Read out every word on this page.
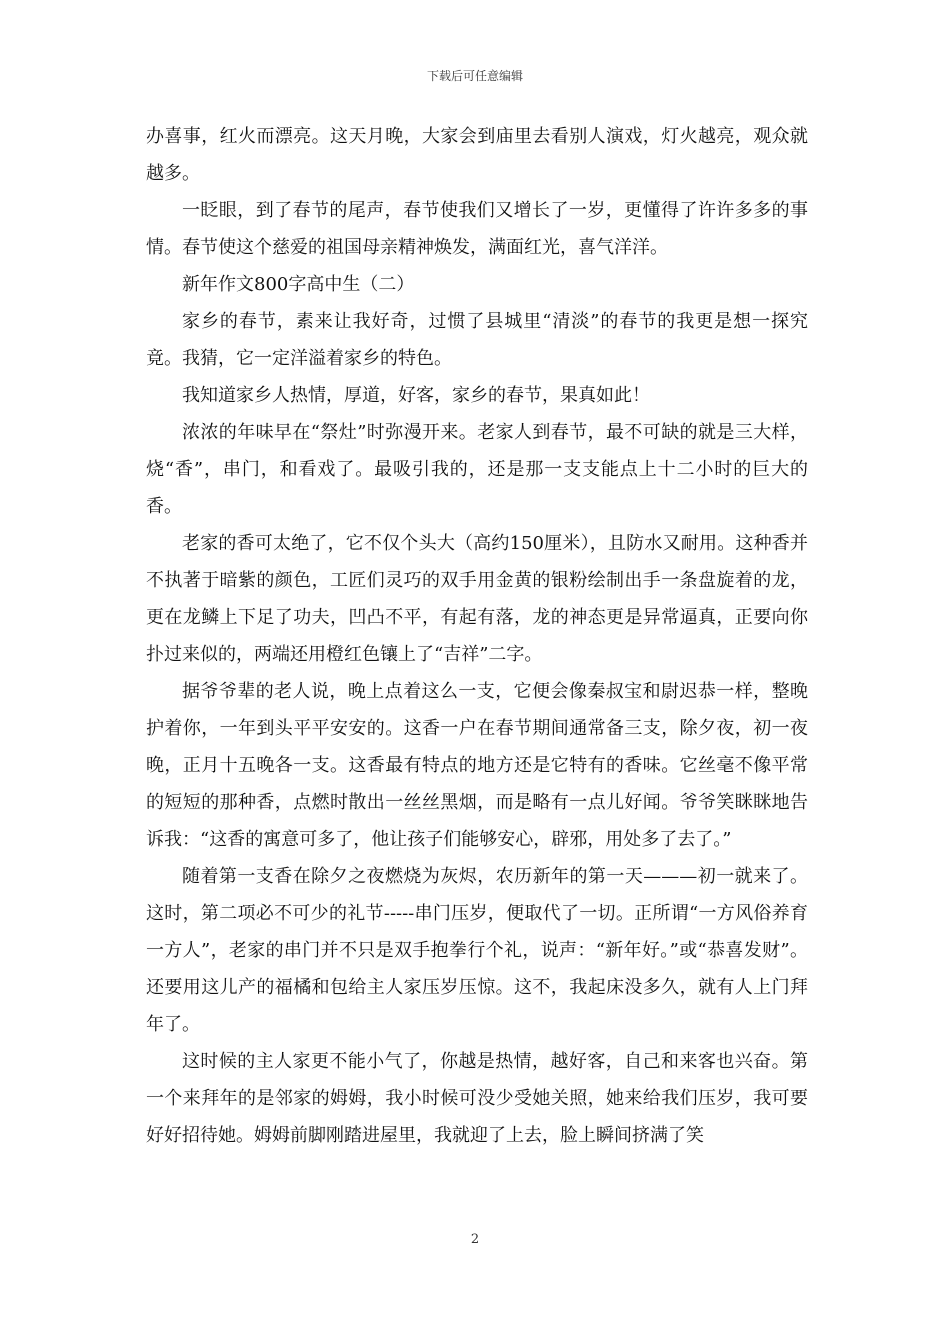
下载后可任意编辑

办喜事，红火而漂亮。这天月晚，大家会到庙里去看别人演戏，灯火越亮，观众就越多。

一眨眼，到了春节的尾声，春节使我们又增长了一岁，更懂得了许许多多的事情。春节使这个慈爱的祖国母亲精神焕发，满面红光，喜气洋洋。

新年作文800字高中生（二）

家乡的春节，素来让我好奇，过惯了县城里“清淡”的春节的我更是想一探究竟。我猜，它一定洋溢着家乡的特色。

我知道家乡人热情，厚道，好客，家乡的春节，果真如此！

浓浓的年味早在“祭灶”时弥漫开来。老家人到春节，最不可缺的就是三大样，烧“香”，串门，和看戏了。最吸引我的，还是那一支支能点上十二小时的巨大的香。

老家的香可太绝了，它不仅个头大（高约150厘米），且防水又耐用。这种香并不执著于暗紫的颜色，工匠们灵巧的双手用金黄的银粉绘制出手一条盘旋着的龙，更在龙鳞上下足了功夫，凹凸不平，有起有落，龙的神态更是异常逼真，正要向你扑过来似的，两端还用橙红色镶上了“吉祥”二字。

据爷爷辈的老人说，晚上点着这么一支，它便会像秦叔宝和尉迟恭一样，整晚护着你，一年到头平平安安的。这香一户在春节期间通常备三支，除夕夜，初一夜晚，正月十五晚各一支。这香最有特点的地方还是它特有的香味。它丝毫不像平常的短短的那种香，点燃时散出一丝丝黑烟，而是略有一点儿好闻。爷爷笑眯眯地告诉我：“这香的寓意可多了，他让孩子们能够安心，辟邪，用处多了去了。”

随着第一支香在除夕之夜燃烧为灰烬，农历新年的第一天———初一就来了。这时，第二项必不可少的礼节-----串门压岁，便取代了一切。正所谓“一方风俗养育一方人”，老家的串门并不只是双手抱拳行个礼，说声：“新年好。”或“恭喜发财”。还要用这儿产的福橘和包给主人家压岁压惊。这不，我起床没多久，就有人上门拜年了。

这时候的主人家更不能小气了，你越是热情，越好客，自己和来客也兴奋。第一个来拜年的是邻家的姆姆，我小时候可没少受她关照，她来给我们压岁，我可要好好招待她。姆姆前脚刚踏进屋里，我就迎了上去，脸上瞬间挤满了笑

2
